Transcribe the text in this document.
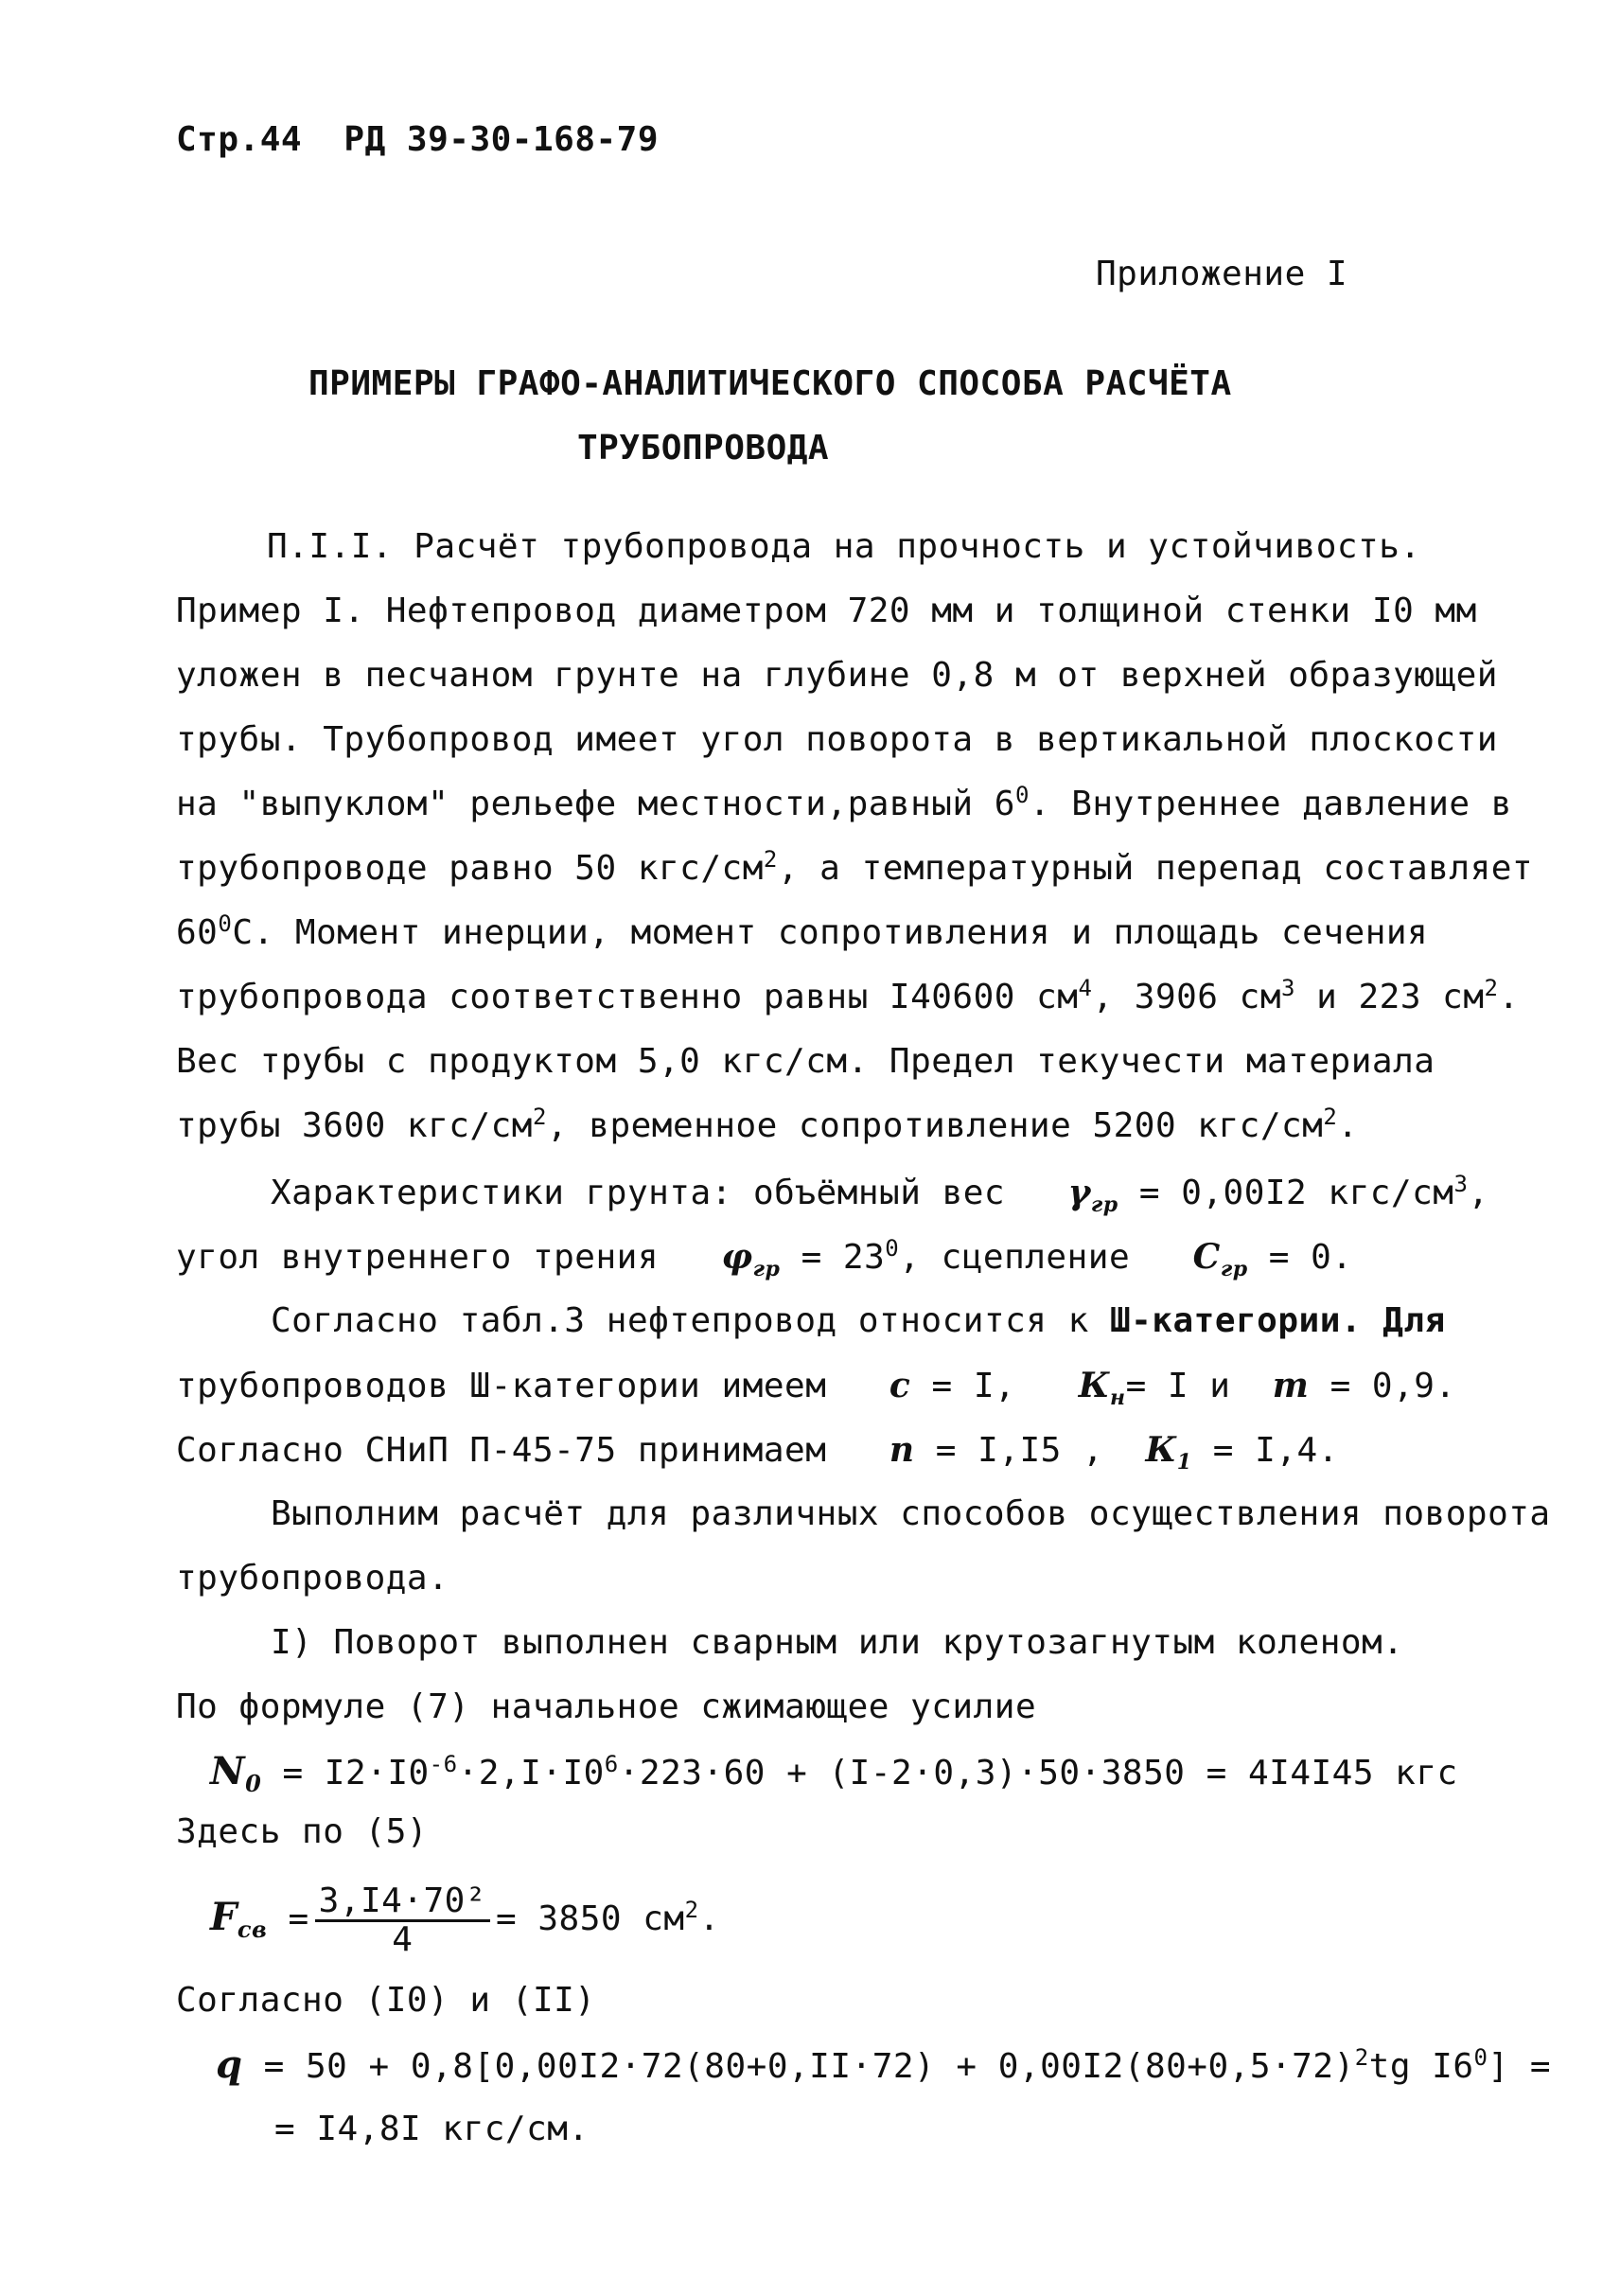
Стр.44 РД 39-30-168-79
Приложение I
ПРИМЕРЫ ГРАФО-АНАЛИТИЧЕСКОГО СПОСОБА РАСЧЁТА
ТРУБОПРОВОДА
П.I.I. Расчёт трубопровода на прочность и устойчивость.
Пример I. Нефтепровод диаметром 720 мм и толщиной стенки I0 мм
уложен в песчаном грунте на глубине 0,8 м от верхней образующей
трубы. Трубопровод имеет угол поворота в вертикальной плоскости
на "выпуклом" рельефе местности,равный $6^0$. Внутреннее давление в
трубопроводе равно 50 кгс/$см^2$, а температурный перепад составляет
$60^0С$. Момент инерции, момент сопротивления и площадь сечения
трубопровода соответственно равны I40600 $см^4$, 3906 $см^3$ и 223 $см^2$.
Вес трубы с продуктом 5,0 кгс/см. Предел текучести материала
трубы 3600 кгс/$см^2$, временное сопротивление 5200 кгс/$см^2$.
Характеристики грунта: объёмный вес $\gamma_{гр} = 0,00I2$ кгс/$см^3$,
угол внутреннего трения $\varphi_{гр} = 23^0$, сцепление $С_{гр} = 0$.
Согласно табл.3 нефтепровод относится к Ш-категории. Для
трубопроводов Ш-категории имеем c = I, $К_н= I$ и m = 0,9.
Согласно СНиП П-45-75 принимаем n = I,I5 , $К_1 = I,4$.
Выполним расчёт для различных способов осуществления поворота
трубопровода.
I) Поворот выполнен сварным или крутозагнутым коленом.
По формуле (7) начальное сжимающее усилие
$N_0 = I2\cdot I0^{-6}\cdot 2,I\cdot I0^6\cdot 223\cdot 60 + (I-2\cdot 0,3)\cdot 50\cdot 3850 = 4I4I45$ кгс
Здесь по (5)
$F_{св} = \frac{\text{3,I4·70²}}{4} = 3850$ $см^2$.
Согласно (I0) и (II)
$q = 50 + 0,8[0,00I2\cdot 72(80+0,II\cdot 72) + 0,00I2(80+0,5\cdot 72)^2tg$ $I6^0$] =
= I4,8I кгс/см.
